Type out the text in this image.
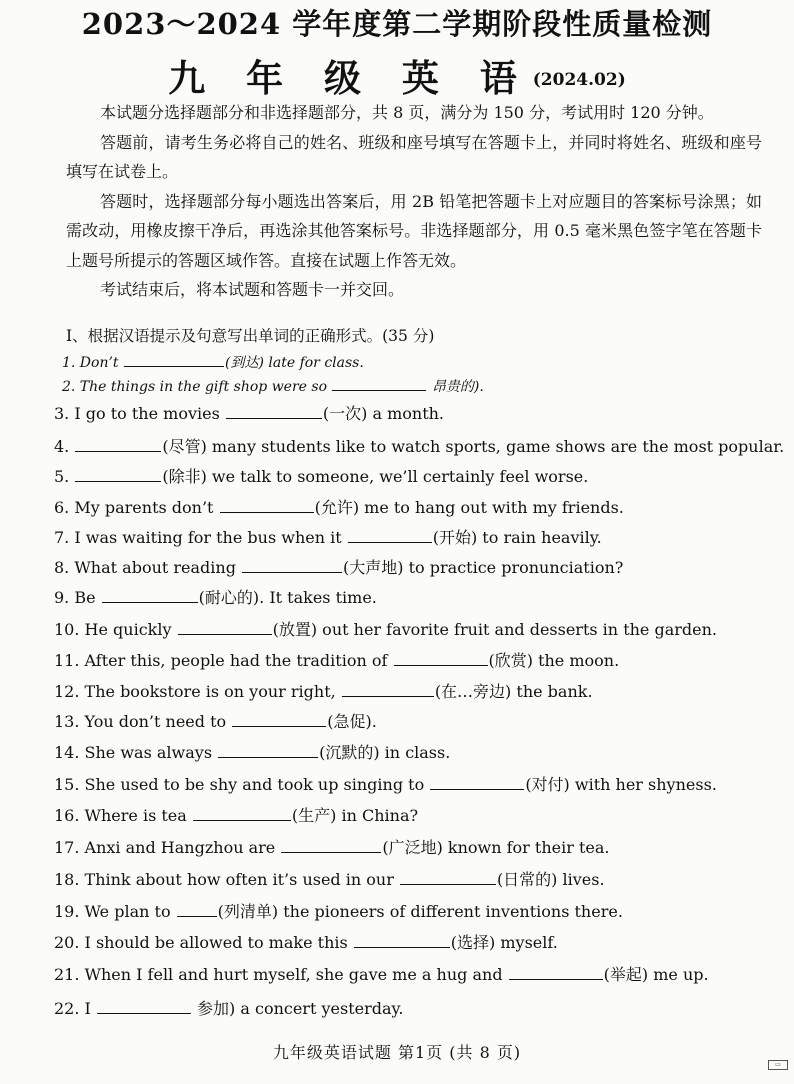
2023～2024 学年度第二学期阶段性质量检测
九 年 级 英 语 (2024.02)

本试题分选择题部分和非选择题部分，共 8 页，满分为 150 分，考试用时 120 分钟。

答题前，请考生务必将自己的姓名、班级和座号填写在答题卡上，并同时将姓名、班级和座号填写在试卷上。

答题时，选择题部分每小题选出答案后，用 2B 铅笔把答题卡上对应题目的答案标号涂黑；如需改动，用橡皮擦干净后，再选涂其他答案标号。非选择题部分，用 0.5 毫米黑色签字笔在答题卡上题号所提示的答题区域作答。直接在试题上作答无效。

考试结束后，将本试题和答题卡一并交回。

I、根据汉语提示及句意写出单词的正确形式。(35 分)
1. Don’t	(到达) late for class.
2. The things in the gift shop were so	昂贵的).
3. I go to the movies	(一次) a month.
4.	(尽管) many students like to watch sports, game shows are the most popular.
5.	(除非) we talk to someone, we’ll certainly feel worse.
6. My parents don’t	(允许) me to hang out with my friends.
7. I was waiting for the bus when it	(开始) to rain heavily.
8. What about reading	(大声地) to practice pronunciation?
9. Be	(耐心的). It takes time.
10. He quickly	(放置) out her favorite fruit and desserts in the garden.
11. After this, people had the tradition of	(欣赏) the moon.
12. The bookstore is on your right,	(在…旁边) the bank.
13. You don’t need to	(急促).
14. She was always	(沉默的) in class.
15. She used to be shy and took up singing to	(对付) with her shyness.
16. Where is tea	(生产) in China?
17. Anxi and Hangzhou are	(广泛地) known for their tea.
18. Think about how often it’s used in our	(日常的) lives.
19. We plan to	(列清单) the pioneers of different inventions there.
20. I should be allowed to make this	(选择) myself.
21. When I fell and hurt myself, she gave me a hug and	(举起) me up.
22. I	参加) a concert yesterday.
九年级英语试题 第1页 (共 8 页)
▭
